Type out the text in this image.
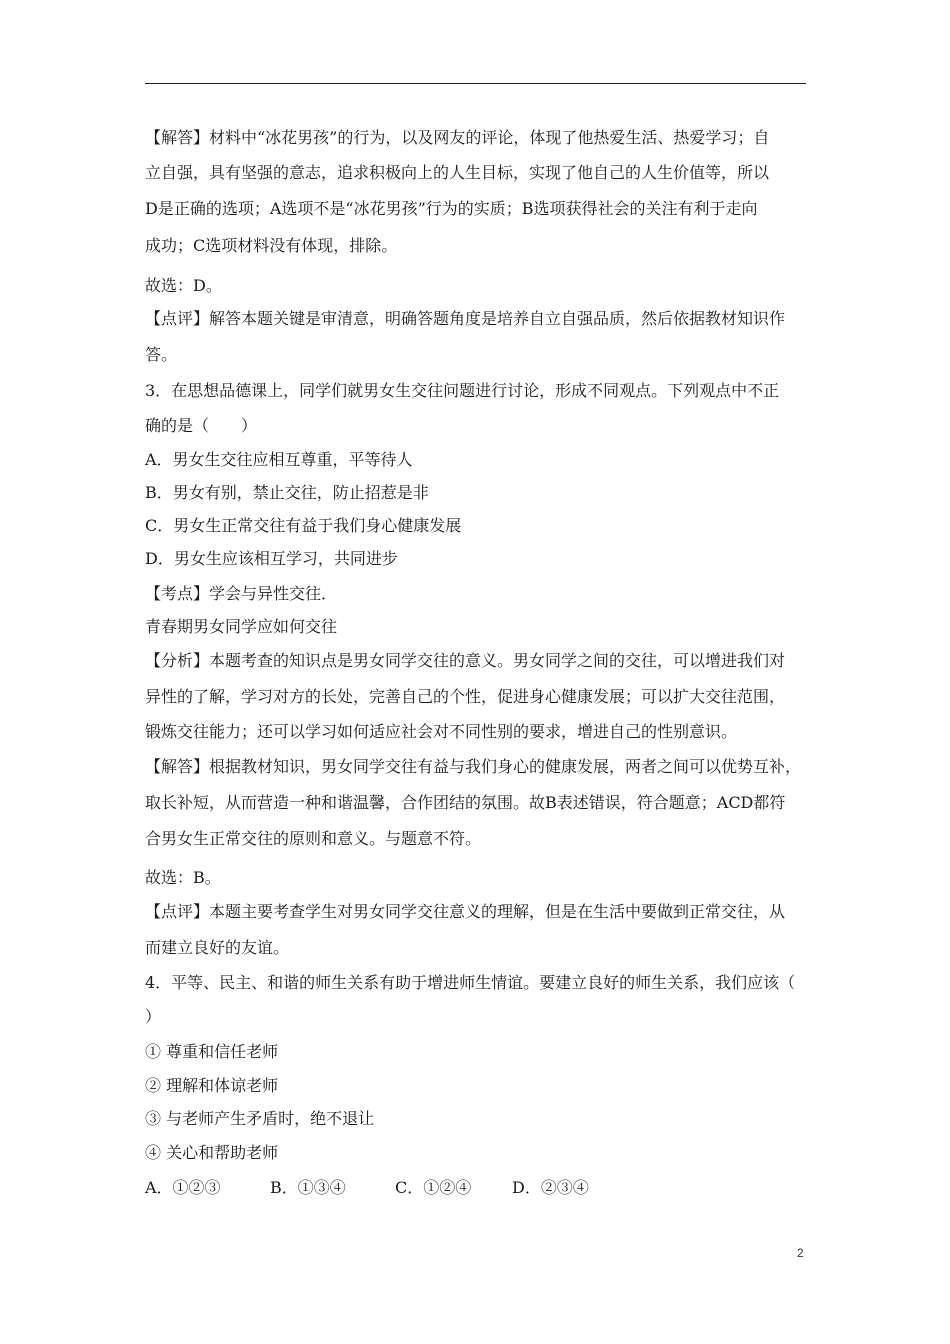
【解答】材料中“冰花男孩”的行为，以及网友的评论，体现了他热爱生活、热爱学习；自
立自强，具有坚强的意志，追求积极向上的人生目标，实现了他自己的人生价值等，所以
D是正确的选项；A选项不是“冰花男孩”行为的实质；B选项获得社会的关注有利于走向
成功；C选项材料没有体现，排除。
故选：D。
【点评】解答本题关键是审清意，明确答题角度是培养自立自强品质，然后依据教材知识作
答。
3．在思想品德课上，同学们就男女生交往问题进行讨论，形成不同观点。下列观点中不正
确的是（　　）
A．男女生交往应相互尊重，平等待人
B．男女有别，禁止交往，防止招惹是非
C．男女生正常交往有益于我们身心健康发展
D．男女生应该相互学习，共同进步
【考点】学会与异性交往．
青春期男女同学应如何交往
【分析】本题考查的知识点是男女同学交往的意义。男女同学之间的交往，可以增进我们对
异性的了解，学习对方的长处，完善自己的个性，促进身心健康发展；可以扩大交往范围，
锻炼交往能力；还可以学习如何适应社会对不同性别的要求，增进自己的性别意识。
【解答】根据教材知识，男女同学交往有益与我们身心的健康发展，两者之间可以优势互补，
取长补短，从而营造一种和谐温馨，合作团结的氛围。故B表述错误，符合题意；ACD都符
合男女生正常交往的原则和意义。与题意不符。
故选：B。
【点评】本题主要考查学生对男女同学交往意义的理解，但是在生活中要做到正常交往，从
而建立良好的友谊。
4．平等、民主、和谐的师生关系有助于增进师生情谊。要建立良好的师生关系，我们应该（
）
① 尊重和信任老师
② 理解和体谅老师
③ 与老师产生矛盾时，绝不退让
④ 关心和帮助老师
A．①②③	B．①③④	C．①②④	D．②③④
2
